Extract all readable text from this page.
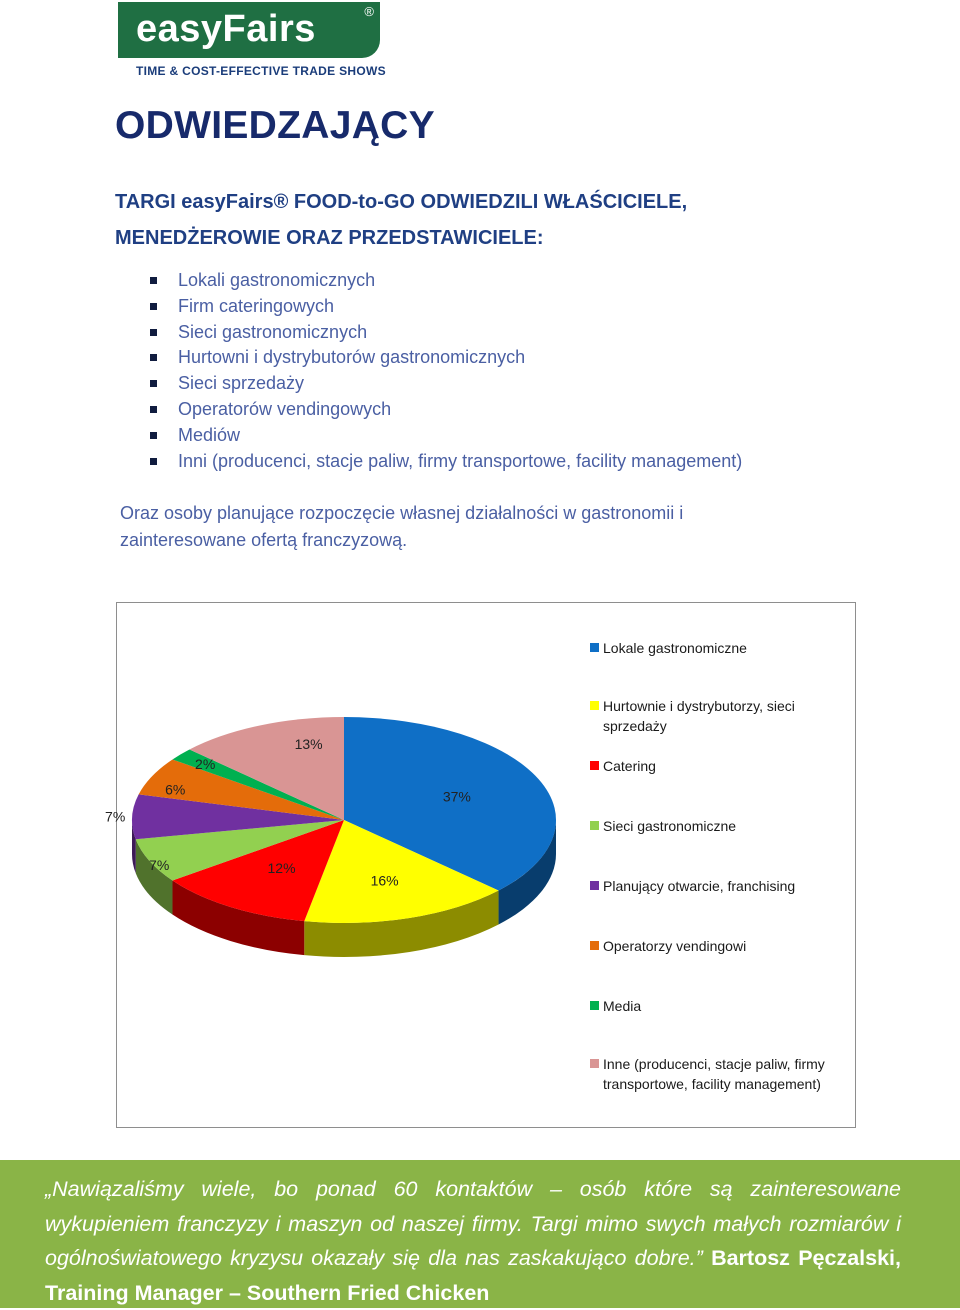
easyFairs	®
TIME & COST-EFFECTIVE TRADE SHOWS
ODWIEDZAJĄCY
TARGI easyFairs® FOOD-to-GO ODWIEDZILI WŁAŚCICIELE, MENEDŻEROWIE ORAZ PRZEDSTAWICIELE:
Lokali gastronomicznych
Firm cateringowych
Sieci gastronomicznych
Hurtowni i dystrybutorów gastronomicznych
Sieci sprzedaży
Operatorów vendingowych
Mediów
Inni (producenci, stacje paliw, firmy transportowe, facility management)
Oraz osoby planujące rozpoczęcie własnej działalności w gastronomii i zainteresowane ofertą franczyzową.
37%
16%
12%
7%
7%
6%
2%
13%
Lokale gastronomiczne
Hurtownie i dystrybutorzy, sieci
sprzedaży
Catering
Sieci gastronomiczne
Planujący otwarcie, franchising
Operatorzy vendingowi
Media
Inne (producenci, stacje paliw, firmy
transportowe, facility management)
„Nawiązaliśmy wiele, bo ponad 60 kontaktów – osób które są zainteresowane wykupieniem franczyzy i maszyn od naszej firmy. Targi mimo swych małych rozmiarów i ogólnoświatowego kryzysu okazały się dla nas zaskakująco dobre.” Bartosz Pęczalski, Training Manager – Southern Fried Chicken
